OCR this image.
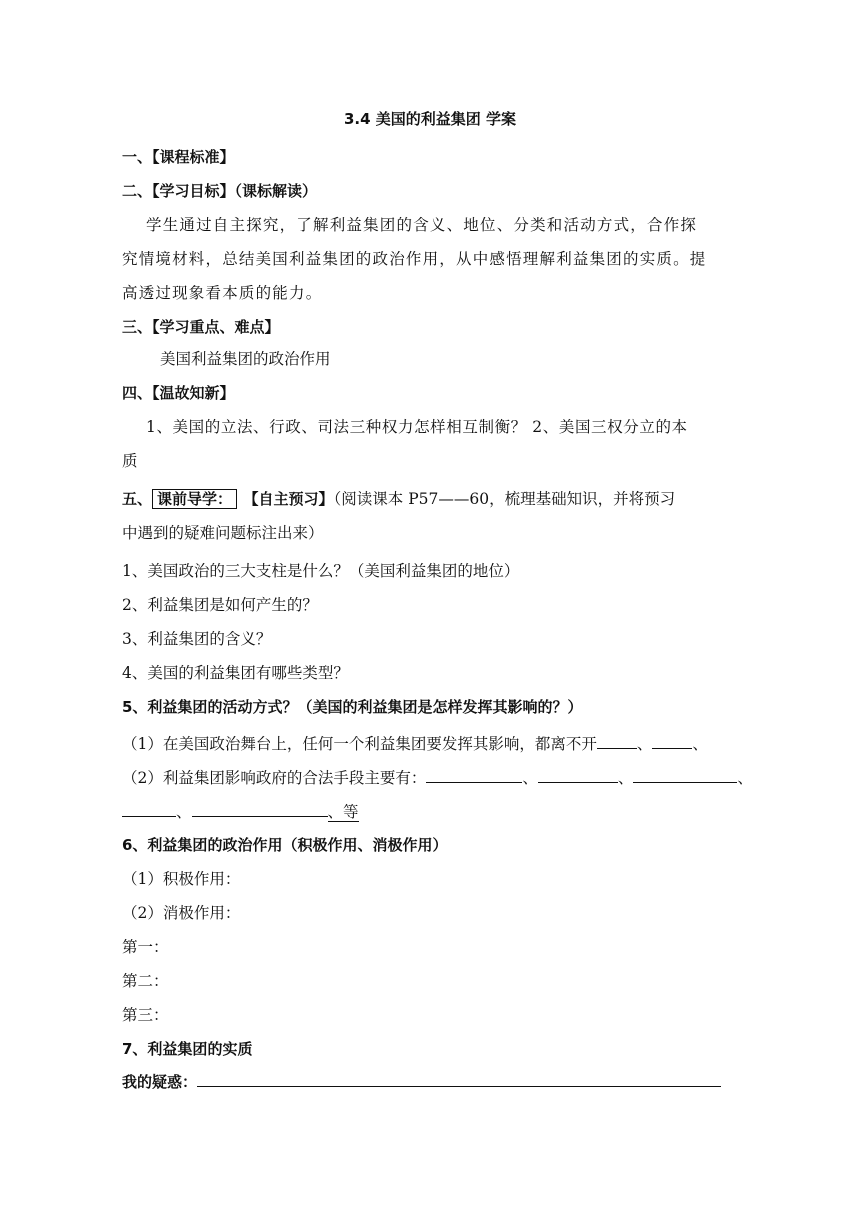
3.4 美国的利益集团 学案
一、【课程标准】
二、【学习目标】（课标解读）
学生通过自主探究，了解利益集团的含义、地位、分类和活动方式，合作探
究情境材料，总结美国利益集团的政治作用，从中感悟理解利益集团的实质。提
高透过现象看本质的能力。
三、【学习重点、难点】
美国利益集团的政治作用
四、【温故知新】
1、美国的立法、行政、司法三种权力怎样相互制衡？ 2、美国三权分立的本
质
五、 课前导学： 【自主预习】（阅读课本 P57——60，梳理基础知识，并将预习
中遇到的疑难问题标注出来）
1、美国政治的三大支柱是什么？（美国利益集团的地位）
2、利益集团是如何产生的？
3、利益集团的含义？
4、美国的利益集团有哪些类型？
5、利益集团的活动方式？（美国的利益集团是怎样发挥其影响的？）
（1）在美国政治舞台上，任何一个利益集团要发挥其影响，都离不开	、	、
（2）利益集团影响政府的合法手段主要有：	、	、	、
、	、等
6、利益集团的政治作用（积极作用、消极作用）
（1）积极作用：
（2）消极作用：
第一：
第二：
第三：
7、利益集团的实质
我的疑惑：
